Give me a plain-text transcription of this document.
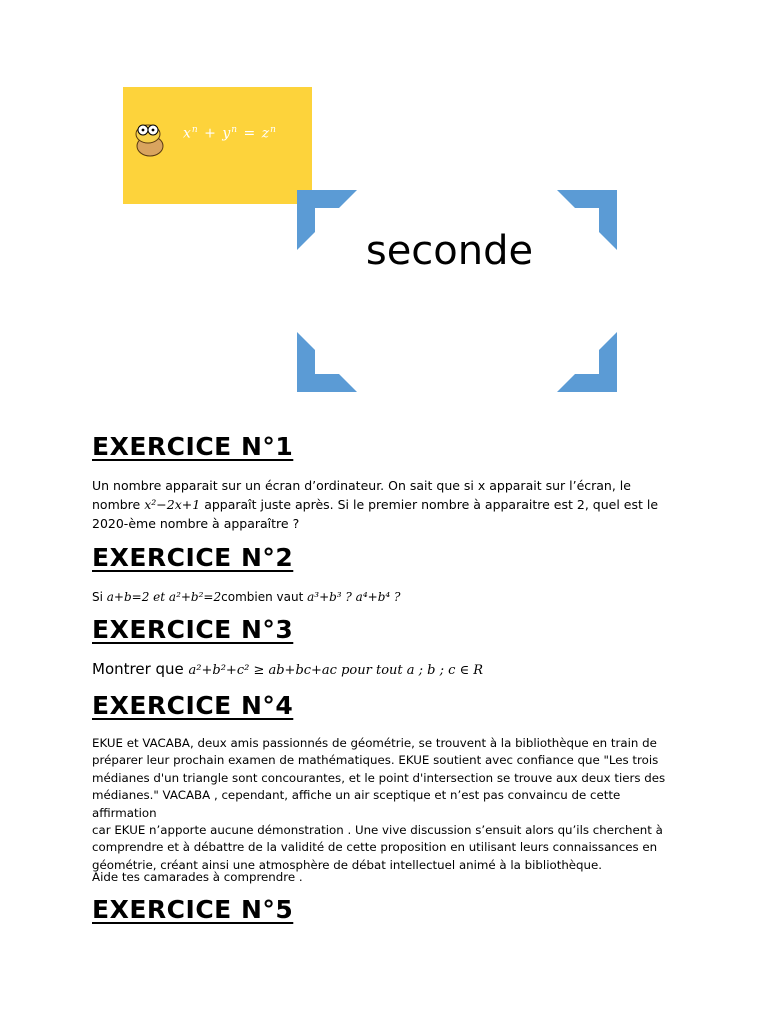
$x^n + y^n = z^n$
seconde
EXERCICE N°1
Un nombre apparait sur un écran d’ordinateur. On sait que si x apparait sur l’écran, le
nombre x²−2x+1 apparaît juste après. Si le premier nombre à apparaitre est 2, quel est le
2020-ème nombre à apparaître ?
EXERCICE N°2
Si a+b=2 et a²+b²=2combien vaut a³+b³ ? a⁴+b⁴ ?
EXERCICE N°3
Montrer que a²+b²+c² ≥ ab+bc+ac pour tout a ; b ; c ∈ R
EXERCICE N°4
EKUE et VACABA, deux amis passionnés de géométrie, se trouvent à la bibliothèque en train de
préparer leur prochain examen de mathématiques. EKUE soutient avec confiance que "Les trois
médianes d'un triangle sont concourantes, et le point d'intersection se trouve aux deux tiers des
médianes." VACABA , cependant, affiche un air sceptique et n’est pas convaincu de cette affirmation
car EKUE n’apporte aucune démonstration . Une vive discussion s’ensuit alors qu’ils cherchent à
comprendre et à débattre de la validité de cette proposition en utilisant leurs connaissances en
géométrie, créant ainsi une atmosphère de débat intellectuel animé à la bibliothèque.
Aide tes camarades à comprendre .
EXERCICE N°5
